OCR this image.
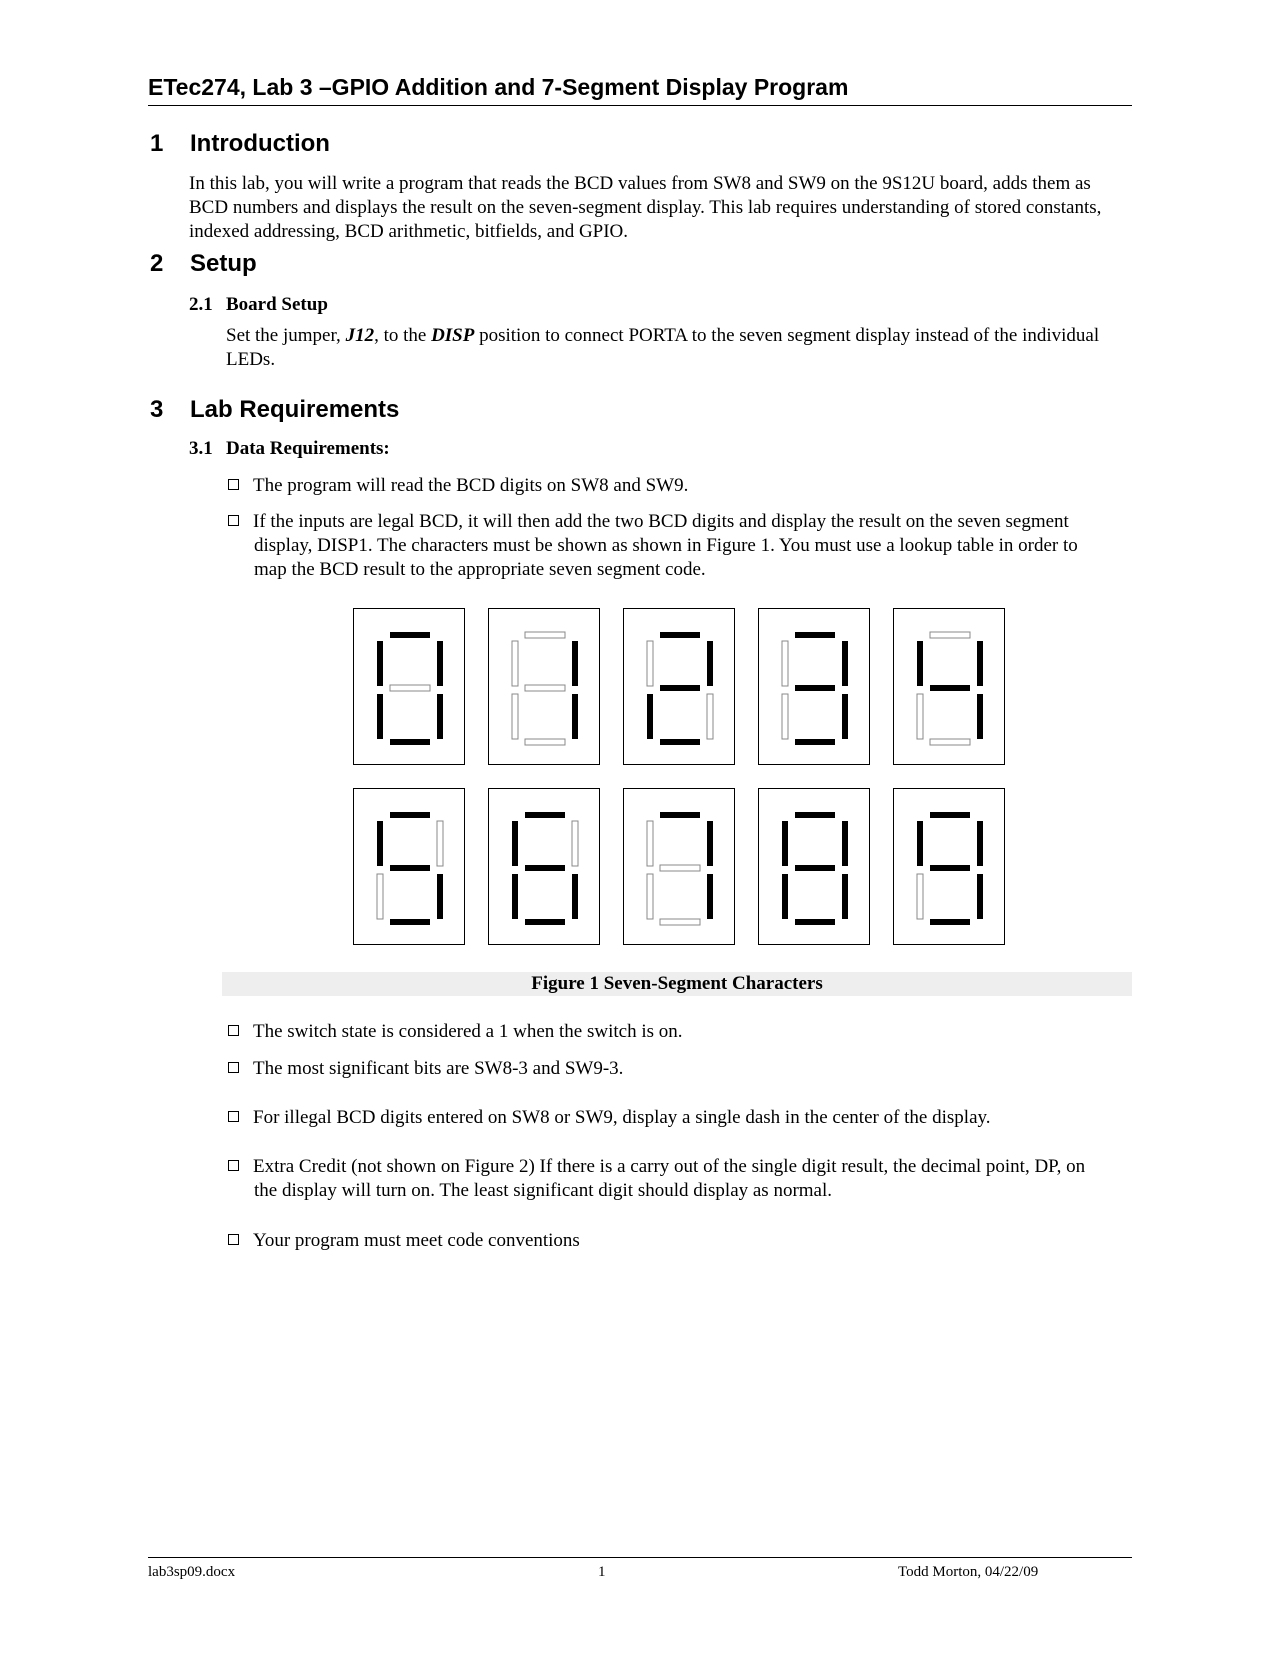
ETec274, Lab 3 –GPIO Addition and 7-Segment Display Program
1 Introduction
In this lab, you will write a program that reads the BCD values from SW8 and SW9 on the 9S12U board, adds them as BCD numbers and displays the result on the seven-segment display. This lab requires understanding of stored constants, indexed addressing, BCD arithmetic, bitfields, and GPIO.
2 Setup
2.1 Board Setup
Set the jumper, J12, to the DISP position to connect PORTA to the seven segment display instead of the individual LEDs.
3 Lab Requirements
3.1 Data Requirements:
The program will read the BCD digits on SW8 and SW9.
If the inputs are legal BCD, it will then add the two BCD digits and display the result on the seven segment display, DISP1. The characters must be shown as shown in Figure 1. You must use a lookup table in order to map the BCD result to the appropriate seven segment code.
Figure 1 Seven-Segment Characters
The switch state is considered a 1 when the switch is on.
The most significant bits are SW8-3 and SW9-3.
For illegal BCD digits entered on SW8 or SW9, display a single dash in the center of the display.
Extra Credit (not shown on Figure 2) If there is a carry out of the single digit result, the decimal point, DP, on the display will turn on. The least significant digit should display as normal.
Your program must meet code conventions
lab3sp09.docx	1	Todd Morton, 04/22/09
